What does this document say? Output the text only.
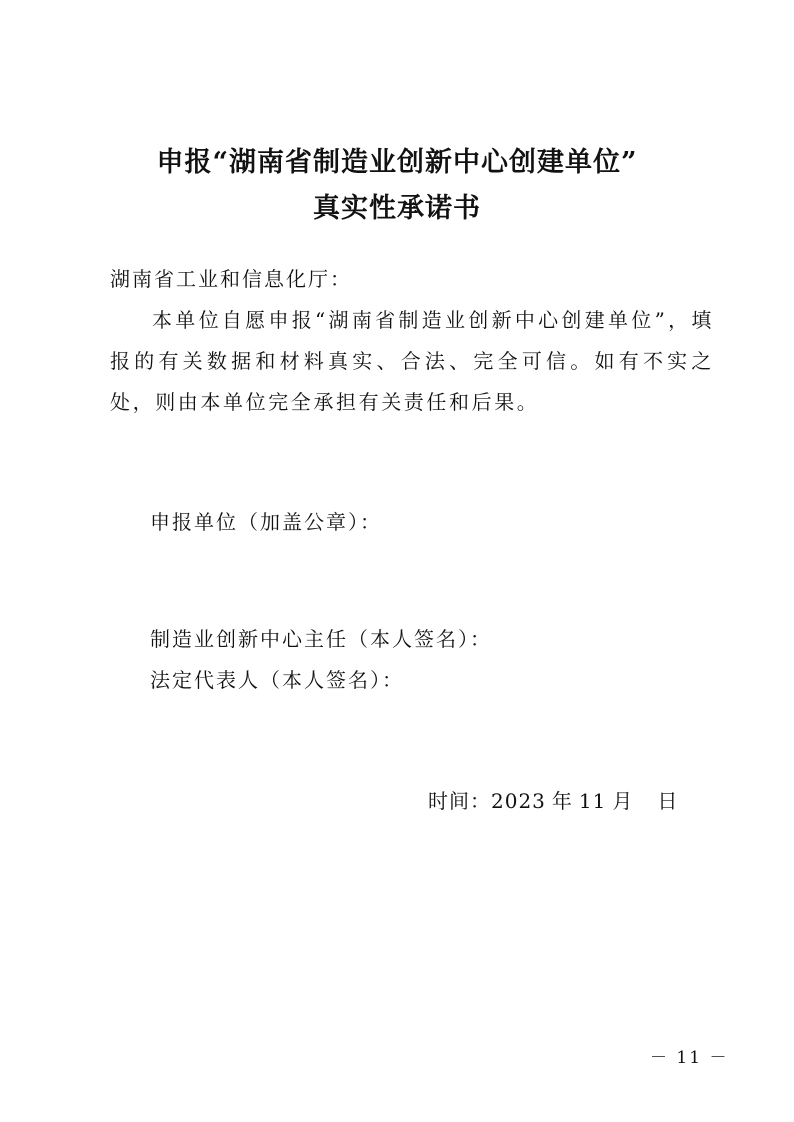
申报“湖南省制造业创新中心创建单位”
真实性承诺书
湖南省工业和信息化厅：
本单位自愿申报“湖南省制造业创新中心创建单位”，填报的有关数据和材料真实、合法、完全可信。如有不实之处，则由本单位完全承担有关责任和后果。
申报单位（加盖公章）：
制造业创新中心主任（本人签名）：
法定代表人（本人签名）：
时间：2023 年 11 月 日
－ 11 －
